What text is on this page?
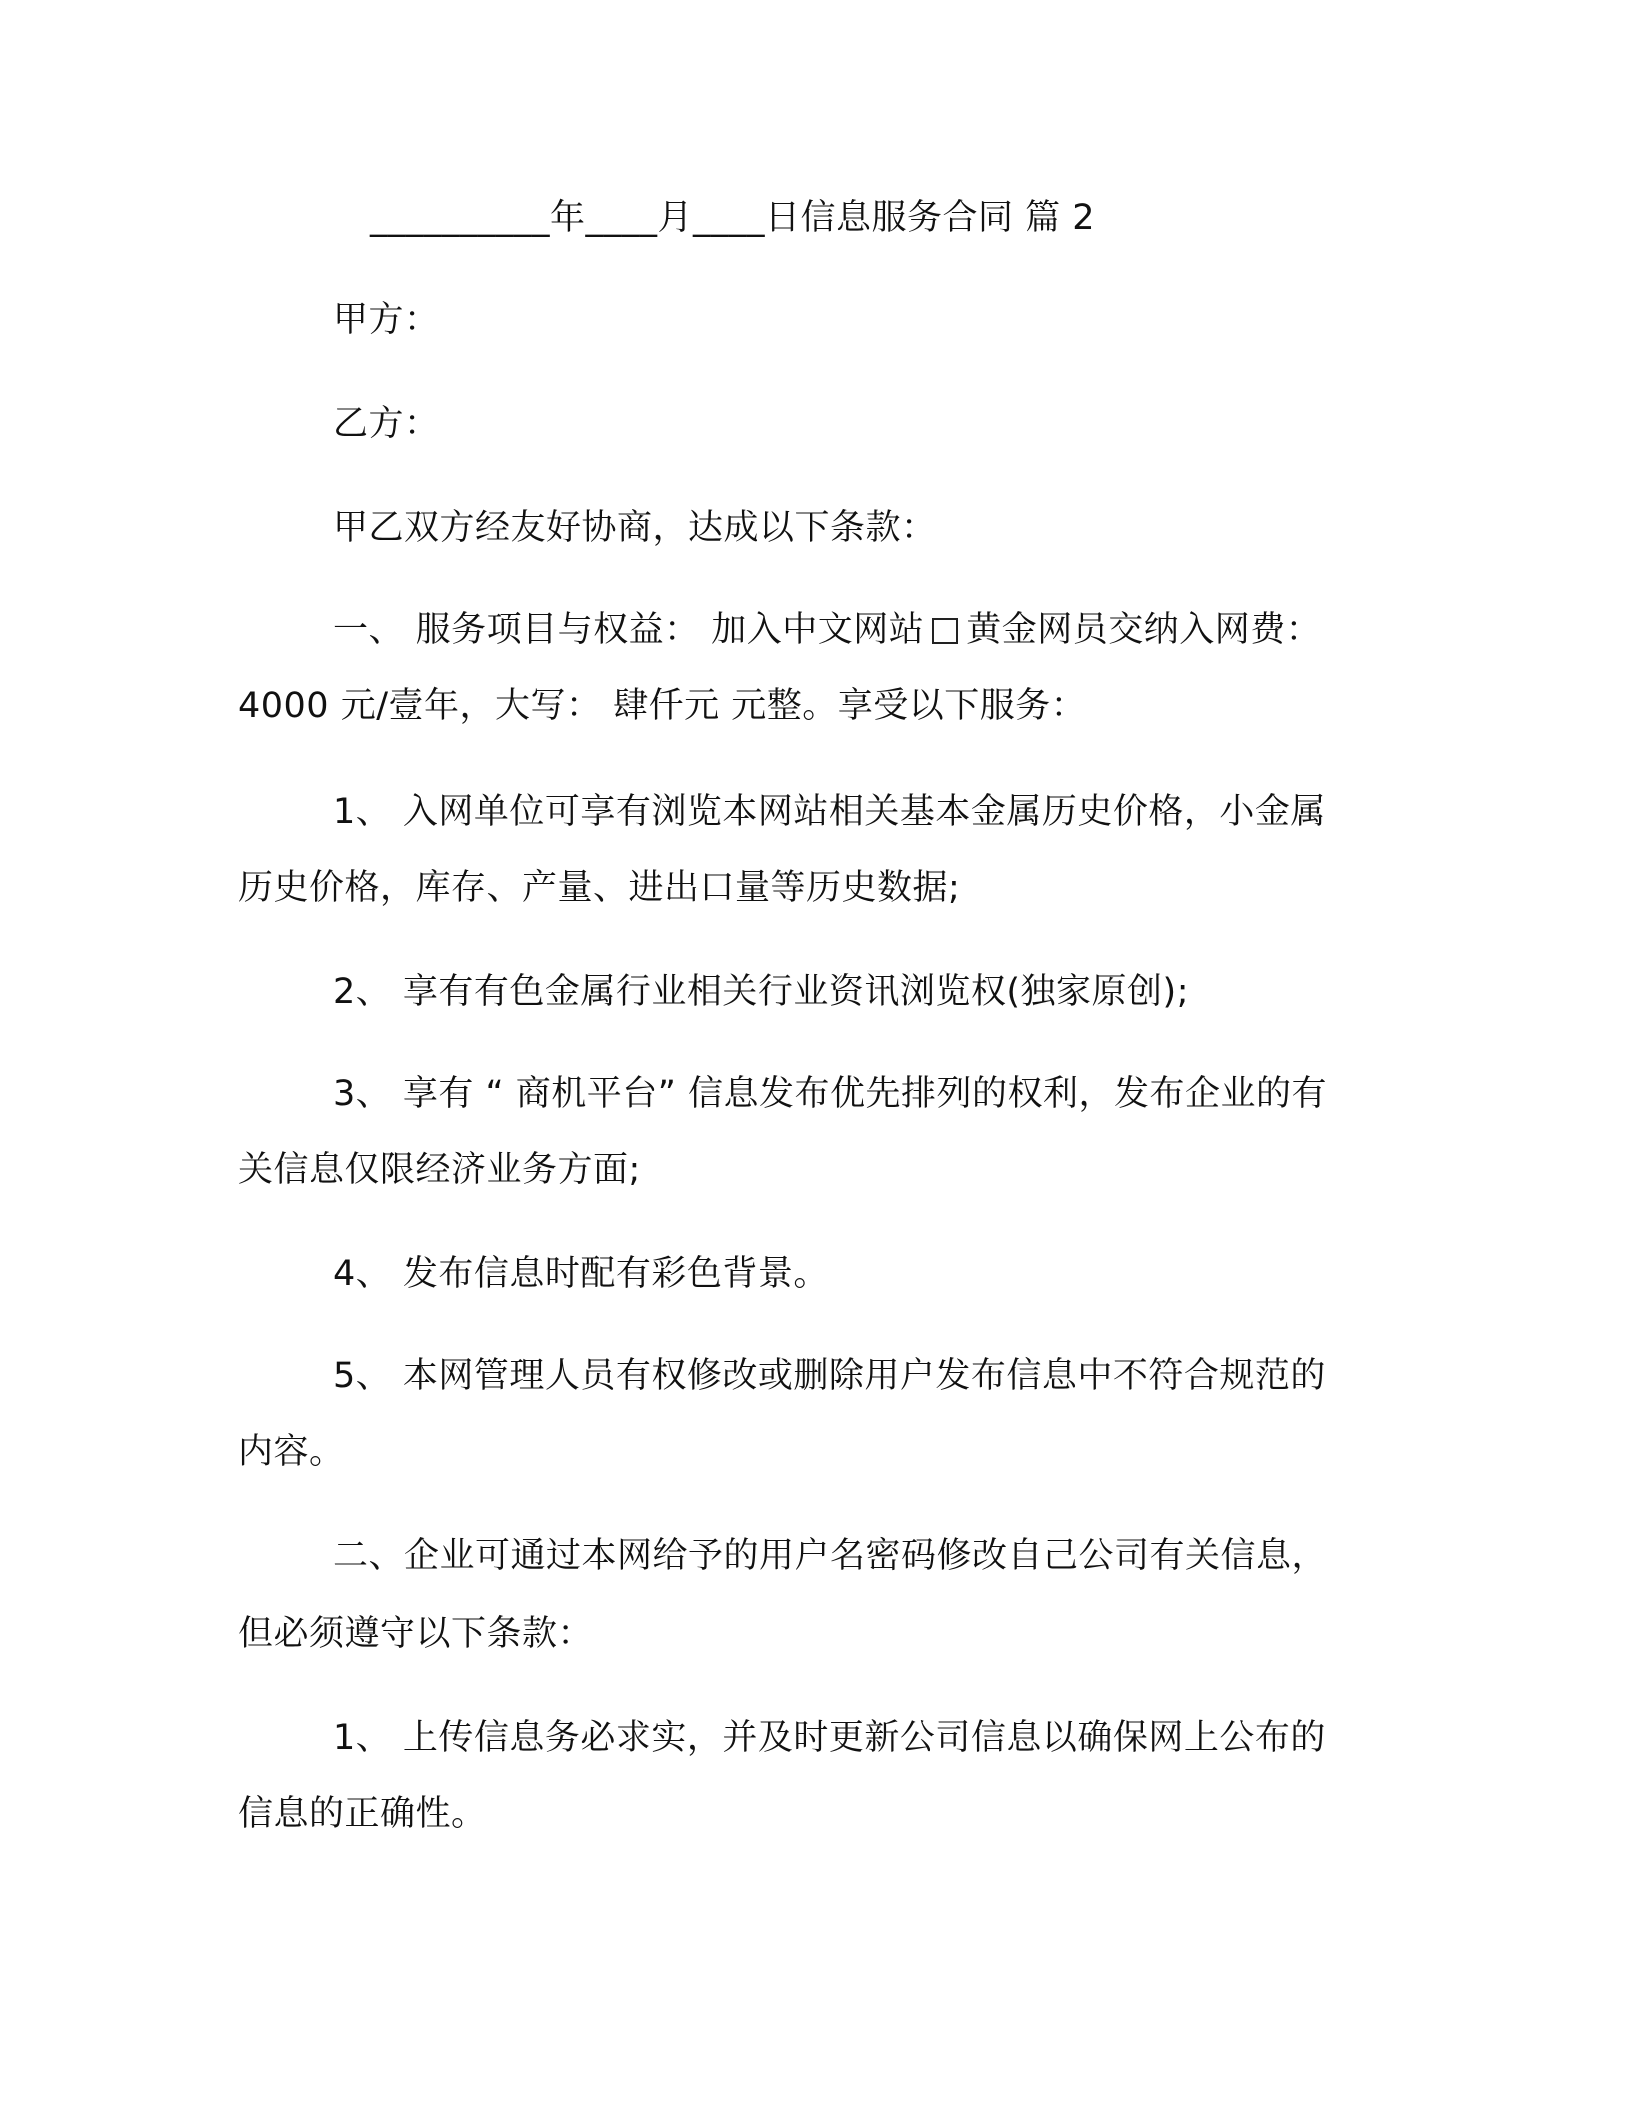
__________年____月____日信息服务合同 篇 2
甲方：
乙方：
甲乙双方经友好协商，达成以下条款：
一、 服务项目与权益： 加入中文网站 黄金网员交纳入网费：
4000 元/壹年，大写： 肆仟元 元整。享受以下服务：
1、 入网单位可享有浏览本网站相关基本金属历史价格，小金属
历史价格，库存、产量、进出口量等历史数据;
2、 享有有色金属行业相关行业资讯浏览权(独家原创);
3、 享有 “ 商机平台” 信息发布优先排列的权利，发布企业的有
关信息仅限经济业务方面;
4、 发布信息时配有彩色背景。
5、 本网管理人员有权修改或删除用户发布信息中不符合规范的
内容。
二、企业可通过本网给予的用户名密码修改自己公司有关信息，
但必须遵守以下条款：
1、 上传信息务必求实，并及时更新公司信息以确保网上公布的
信息的正确性。
